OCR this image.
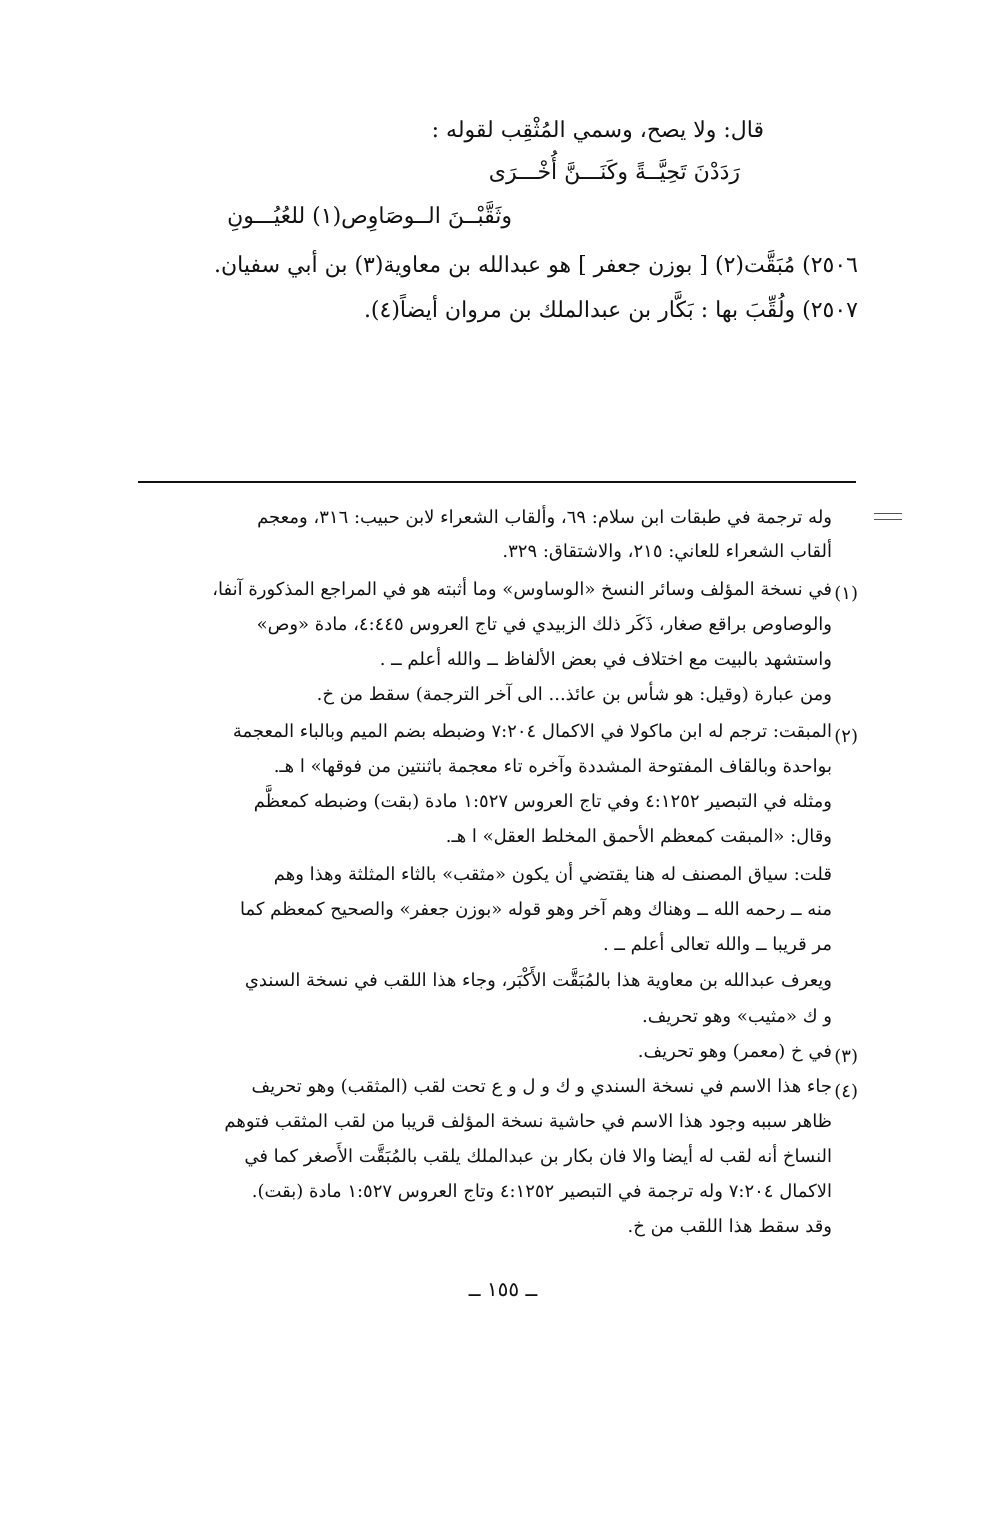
قال: ولا يصح، وسمي المُثْقِب لقوله :
رَدَدْنَ تَحِيَّــةً وكَنَـــنَّ أُخْـــرَى
وثَقَّبْــنَ الــوصَاوِص(١) للعُيُـــونِ
٢٥٠٦) مُبَقَّت(٢) [ بوزن جعفر ] هو عبدالله بن معاوية(٣) بن أبي سفيان.
٢٥٠٧) ولُقِّبَ بها : بَكَّار بن عبدالملك بن مروان أيضاً(٤).
وله ترجمة في طبقات ابن سلام: ٦٩، وألقاب الشعراء لابن حبيب: ٣١٦، ومعجم
ألقاب الشعراء للعاني: ٢١٥، والاشتقاق: ٣٢٩.
(١)
في نسخة المؤلف وسائر النسخ «الوساوس» وما أثبته هو في المراجع المذكورة آنفا،
والوصاوص براقع صغار، ذَكَر ذلك الزبيدي في تاج العروس ٤:٤٤٥، مادة «وص»
واستشهد بالبيت مع اختلاف في بعض الألفاظ ــ والله أعلم ــ .
ومن عبارة (وقيل: هو شأس بن عائذ... الى آخر الترجمة) سقط من خ.
(٢)
المبقت: ترجم له ابن ماكولا في الاكمال ٧:٢٠٤ وضبطه بضم الميم وبالباء المعجمة
بواحدة وبالقاف المفتوحة المشددة وآخره تاء معجمة باثنتين من فوقها» ا هـ.
ومثله في التبصير ٤:١٢٥٢ وفي تاج العروس ١:٥٢٧ مادة (بقت) وضبطه كمعظَّم
وقال: «المبقت كمعظم الأحمق المخلط العقل» ا هـ.
قلت: سياق المصنف له هنا يقتضي أن يكون «مثقب» بالثاء المثلثة وهذا وهم
منه ــ رحمه الله ــ وهناك وهم آخر وهو قوله «بوزن جعفر» والصحيح كمعظم كما
مر قريبا ــ والله تعالى أعلم ــ .
ويعرف عبدالله بن معاوية هذا بالمُبَقَّت الأَكْبَر، وجاء هذا اللقب في نسخة السندي
و ك «مثيب» وهو تحريف.
(٣)
في خ (معمر) وهو تحريف.
(٤)
جاء هذا الاسم في نسخة السندي و ك و ل و ع تحت لقب (المثقب) وهو تحريف
ظاهر سببه وجود هذا الاسم في حاشية نسخة المؤلف قريبا من لقب المثقب فتوهم
النساخ أنه لقب له أيضا والا فان بكار بن عبدالملك يلقب بالمُبَقَّت الأَصغر كما في
الاكمال ٧:٢٠٤ وله ترجمة في التبصير ٤:١٢٥٢ وتاج العروس ١:٥٢٧ مادة (بقت).
وقد سقط هذا اللقب من خ.
ــ ١٥٥ ــ
